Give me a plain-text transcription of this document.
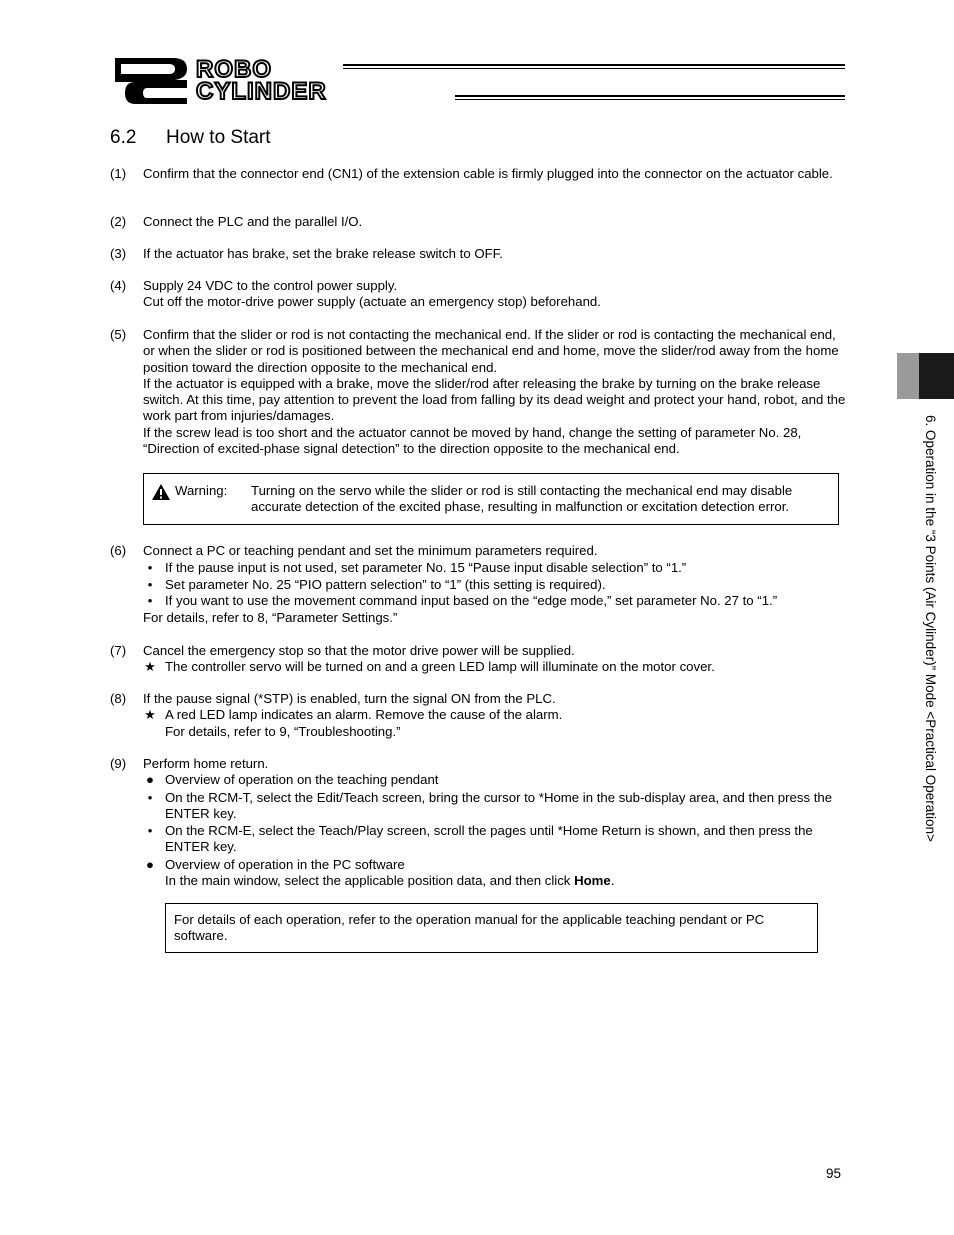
ROBO
CYLINDER
6.2 How to Start
(1) Confirm that the connector end (CN1) of the extension cable is firmly plugged into the connector on the actuator cable.
(2) Connect the PLC and the parallel I/O.
(3) If the actuator has brake, set the brake release switch to OFF.
(4) Supply 24 VDC to the control power supply.
Cut off the motor-drive power supply (actuate an emergency stop) beforehand.
(5) Confirm that the slider or rod is not contacting the mechanical end. If the slider or rod is contacting the mechanical end, or when the slider or rod is positioned between the mechanical end and home, move the slider/rod away from the home position toward the direction opposite to the mechanical end.
If the actuator is equipped with a brake, move the slider/rod after releasing the brake by turning on the brake release switch. At this time, pay attention to prevent the load from falling by its dead weight and protect your hand, robot, and the work part from injuries/damages.
If the screw lead is too short and the actuator cannot be moved by hand, change the setting of parameter No. 28, “Direction of excited-phase signal detection” to the direction opposite to the mechanical end.
Warning: Turning on the servo while the slider or rod is still contacting the mechanical end may disable accurate detection of the excited phase, resulting in malfunction or excitation detection error.
(6) Connect a PC or teaching pendant and set the minimum parameters required.
• If the pause input is not used, set parameter No. 15 “Pause input disable selection” to “1.”
• Set parameter No. 25 “PIO pattern selection” to “1” (this setting is required).
• If you want to use the movement command input based on the “edge mode,” set parameter No. 27 to “1.”
For details, refer to 8, “Parameter Settings.”
(7) Cancel the emergency stop so that the motor drive power will be supplied.
★ The controller servo will be turned on and a green LED lamp will illuminate on the motor cover.
(8) If the pause signal (*STP) is enabled, turn the signal ON from the PLC.
★ A red LED lamp indicates an alarm. Remove the cause of the alarm.
For details, refer to 9, “Troubleshooting.”
(9) Perform home return.
● Overview of operation on the teaching pendant
• On the RCM-T, select the Edit/Teach screen, bring the cursor to *Home in the sub-display area, and then press the ENTER key.
• On the RCM-E, select the Teach/Play screen, scroll the pages until *Home Return is shown, and then press the ENTER key.
● Overview of operation in the PC software
In the main window, select the applicable position data, and then click Home.
For details of each operation, refer to the operation manual for the applicable teaching pendant or PC software.
6. Operation in the “3 Points (Air Cylinder)” Mode <Practical Operation>
95
